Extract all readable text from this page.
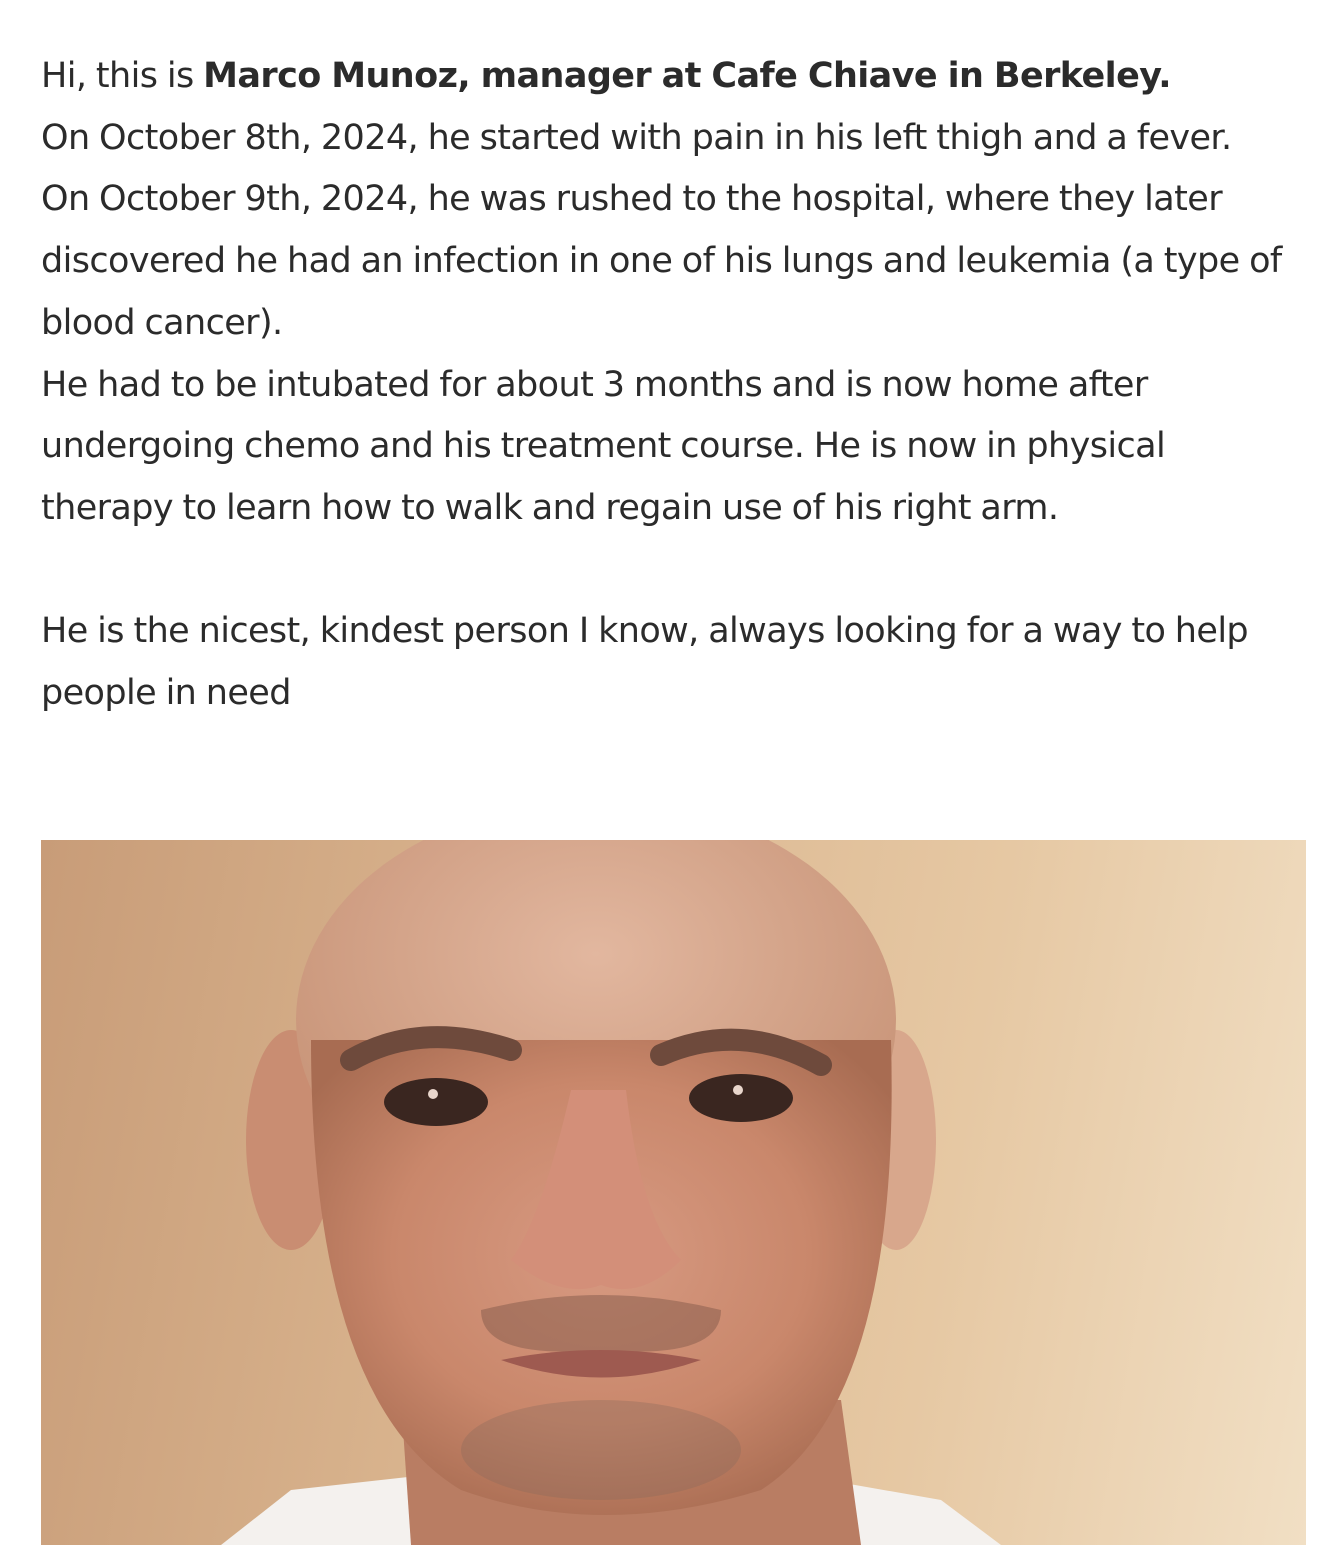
Hi, this is Marco Munoz, manager at Cafe Chiave in Berkeley.

On October 8th, 2024, he started with pain in his left thigh and a fever.

On October 9th, 2024, he was rushed to the hospital, where they later discovered he had an infection in one of his lungs and leukemia (a type of blood cancer).

He had to be intubated for about 3 months and is now home after undergoing chemo and his treatment course. He is now in physical therapy to learn how to walk and regain use of his right arm.

He is the nicest, kindest person I know, always looking for a way to help people in need
